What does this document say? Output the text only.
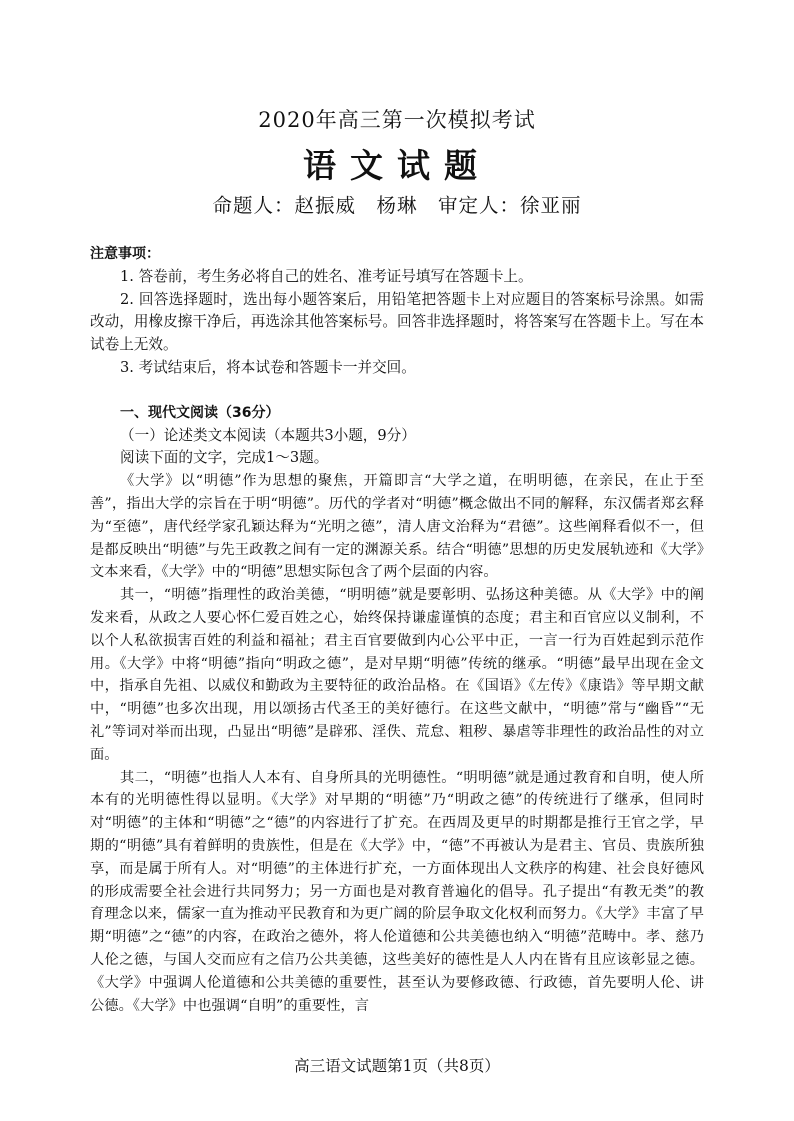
2020年高三第一次模拟考试
语文试题
命题人：赵振威　杨琳　审定人：徐亚丽

注意事项：

1. 答卷前，考生务必将自己的姓名、准考证号填写在答题卡上。

2. 回答选择题时，选出每小题答案后，用铅笔把答题卡上对应题目的答案标号涂黑。如需改动，用橡皮擦干净后，再选涂其他答案标号。回答非选择题时，将答案写在答题卡上。写在本试卷上无效。

3. 考试结束后，将本试卷和答题卡一并交回。

一、现代文阅读（36分）

（一）论述类文本阅读（本题共3小题，9分）

阅读下面的文字，完成1～3题。

《大学》以“明德”作为思想的聚焦，开篇即言“大学之道，在明明德，在亲民，在止于至善”，指出大学的宗旨在于明“明德”。历代的学者对“明德”概念做出不同的解释，东汉儒者郑玄释为“至德”，唐代经学家孔颖达释为“光明之德”，清人唐文治释为“君德”。这些阐释看似不一，但是都反映出“明德”与先王政教之间有一定的渊源关系。结合“明德”思想的历史发展轨迹和《大学》文本来看，《大学》中的“明德”思想实际包含了两个层面的内容。

其一，“明德”指理性的政治美德，“明明德”就是要彰明、弘扬这种美德。从《大学》中的阐发来看，从政之人要心怀仁爱百姓之心，始终保持谦虚谨慎的态度；君主和百官应以义制利，不以个人私欲损害百姓的利益和福祉；君主百官要做到内心公平中正，一言一行为百姓起到示范作用。《大学》中将“明德”指向“明政之德”，是对早期“明德”传统的继承。“明德”最早出现在金文中，指承自先祖、以威仪和勤政为主要特征的政治品格。在《国语》《左传》《康诰》等早期文献中，“明德”也多次出现，用以颂扬古代圣王的美好德行。在这些文献中，“明德”常与“幽昏”“无礼”等词对举而出现，凸显出“明德”是辟邪、淫佚、荒怠、粗秽、暴虐等非理性的政治品性的对立面。

其二，“明德”也指人人本有、自身所具的光明德性。“明明德”就是通过教育和自明，使人所本有的光明德性得以显明。《大学》对早期的“明德”乃“明政之德”的传统进行了继承，但同时对“明德”的主体和“明德”之“德”的内容进行了扩充。在西周及更早的时期都是推行王官之学，早期的“明德”具有着鲜明的贵族性，但是在《大学》中，“德”不再被认为是君主、官员、贵族所独享，而是属于所有人。对“明德”的主体进行扩充，一方面体现出人文秩序的构建、社会良好德风的形成需要全社会进行共同努力；另一方面也是对教育普遍化的倡导。孔子提出“有教无类”的教育理念以来，儒家一直为推动平民教育和为更广阔的阶层争取文化权利而努力。《大学》丰富了早期“明德”之“德”的内容，在政治之德外，将人伦道德和公共美德也纳入“明德”范畴中。孝、慈乃人伦之德，与国人交而应有之信乃公共美德，这些美好的德性是人人内在皆有且应该彰显之德。《大学》中强调人伦道德和公共美德的重要性，甚至认为要修政德、行政德，首先要明人伦、讲公德。《大学》中也强调“自明”的重要性，言

高三语文试题第1页（共8页）
